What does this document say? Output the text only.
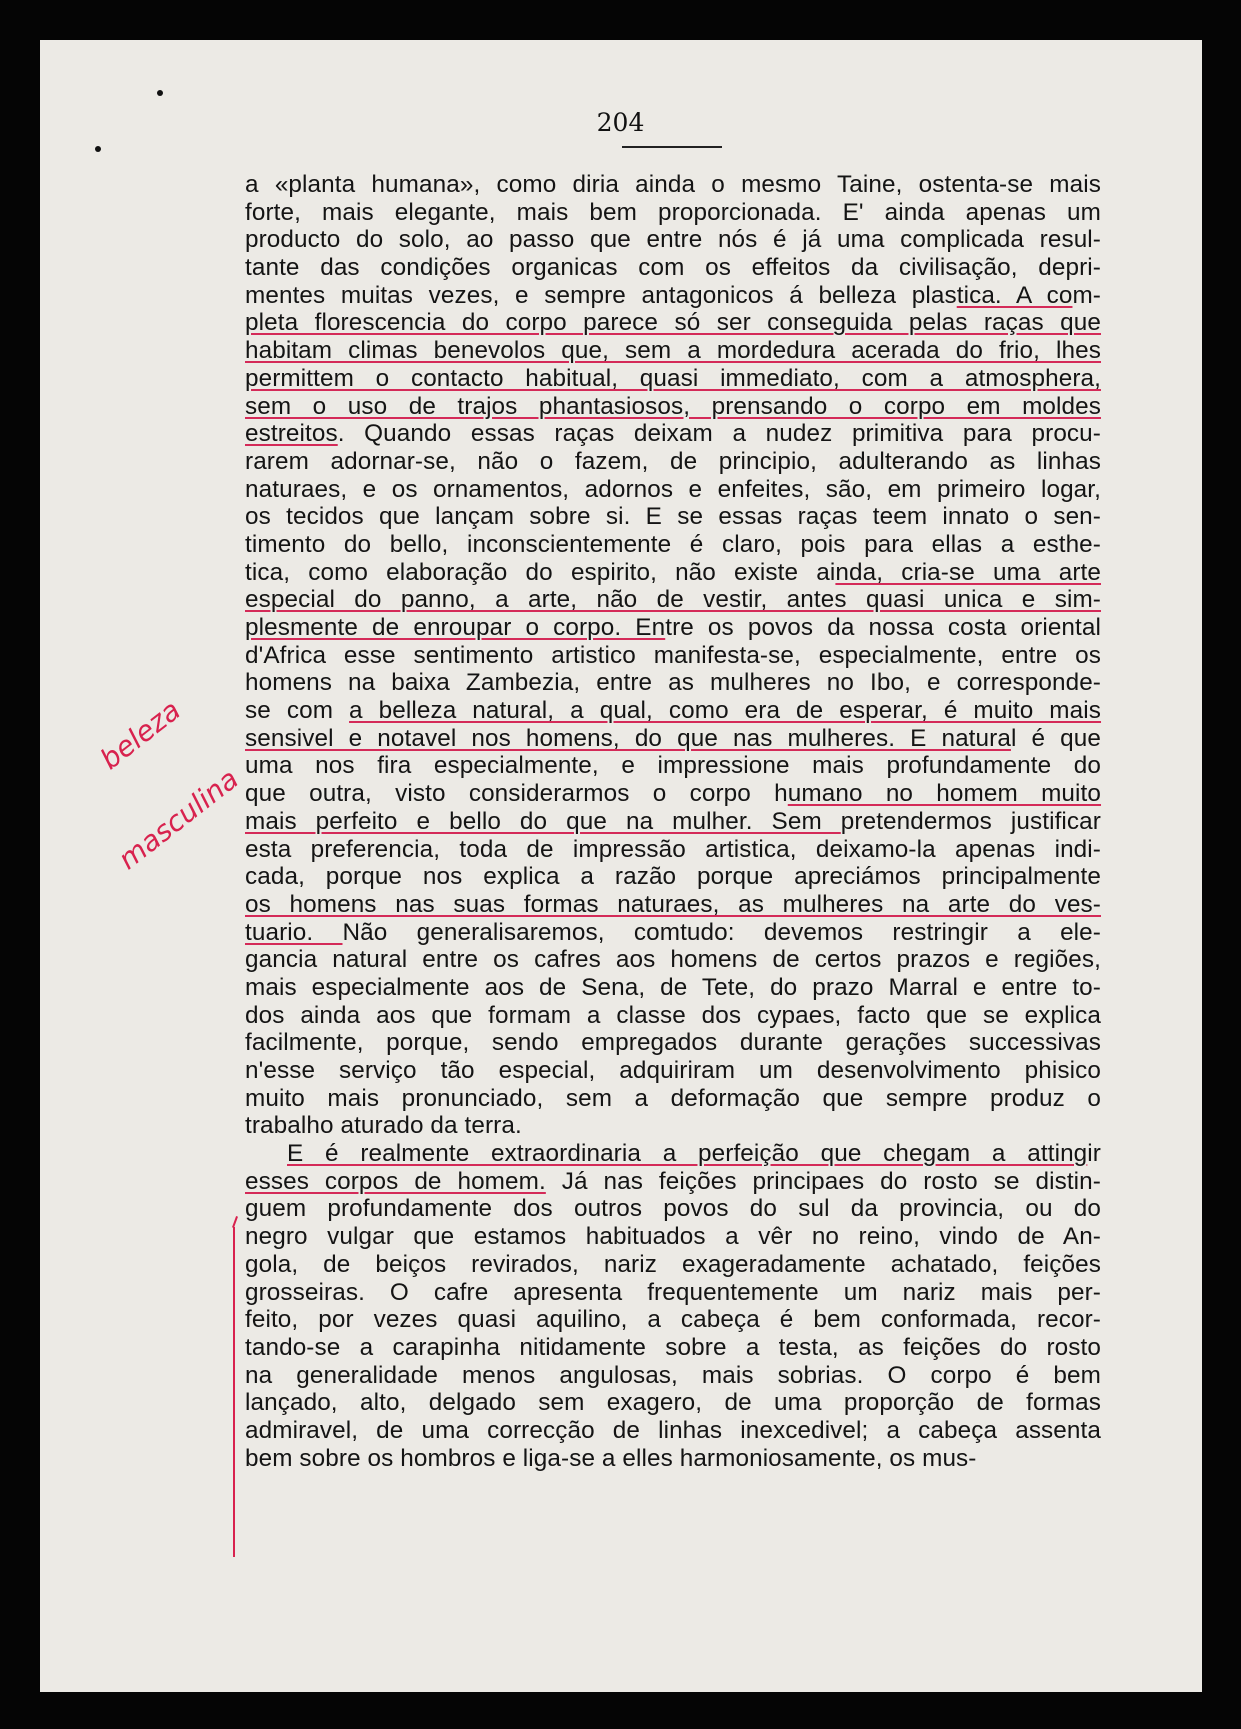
204
a «planta humana», como diria ainda o mesmo Taine, ostenta-se mais
forte, mais elegante, mais bem proporcionada. E' ainda apenas um
producto do solo, ao passo que entre nós é já uma complicada resul-
tante das condições organicas com os effeitos da civilisação, depri-
mentes muitas vezes, e sempre antagonicos á belleza plastica. A com-
pleta florescencia do corpo parece só ser conseguida pelas raças que
habitam climas benevolos que, sem a mordedura acerada do frio, lhes
permittem o contacto habitual, quasi immediato, com a atmosphera,
sem o uso de trajos phantasiosos, prensando o corpo em moldes
estreitos. Quando essas raças deixam a nudez primitiva para procu-
rarem adornar-se, não o fazem, de principio, adulterando as linhas
naturaes, e os ornamentos, adornos e enfeites, são, em primeiro logar,
os tecidos que lançam sobre si. E se essas raças teem innato o sen-
timento do bello, inconscientemente é claro, pois para ellas a esthe-
tica, como elaboração do espirito, não existe ainda, cria-se uma arte
especial do panno, a arte, não de vestir, antes quasi unica e sim-
plesmente de enroupar o corpo. Entre os povos da nossa costa oriental
d'Africa esse sentimento artistico manifesta-se, especialmente, entre os
homens na baixa Zambezia, entre as mulheres no Ibo, e corresponde-
se com a belleza natural, a qual, como era de esperar, é muito mais
sensivel e notavel nos homens, do que nas mulheres. E natural é que
uma nos fira especialmente, e impressione mais profundamente do
que outra, visto considerarmos o corpo humano no homem muito
mais perfeito e bello do que na mulher. Sem pretendermos justificar
esta preferencia, toda de impressão artistica, deixamo-la apenas indi-
cada, porque nos explica a razão porque apreciámos principalmente
os homens nas suas formas naturaes, as mulheres na arte do ves-
tuario. Não generalisaremos, comtudo: devemos restringir a ele-
gancia natural entre os cafres aos homens de certos prazos e regiões,
mais especialmente aos de Sena, de Tete, do prazo Marral e entre to-
dos ainda aos que formam a classe dos cypaes, facto que se explica
facilmente, porque, sendo empregados durante gerações successivas
n'esse serviço tão especial, adquiriram um desenvolvimento phisico
muito mais pronunciado, sem a deformação que sempre produz o
trabalho aturado da terra.
E é realmente extraordinaria a perfeição que chegam a attingir
esses corpos de homem. Já nas feições principaes do rosto se distin-
guem profundamente dos outros povos do sul da provincia, ou do
negro vulgar que estamos habituados a vêr no reino, vindo de An-
gola, de beiços revirados, nariz exageradamente achatado, feições
grosseiras. O cafre apresenta frequentemente um nariz mais per-
feito, por vezes quasi aquilino, a cabeça é bem conformada, recor-
tando-se a carapinha nitidamente sobre a testa, as feições do rosto
na generalidade menos angulosas, mais sobrias. O corpo é bem
lançado, alto, delgado sem exagero, de uma proporção de formas
admiravel, de uma correcção de linhas inexcedivel; a cabeça assenta
bem sobre os hombros e liga-se a elles harmoniosamente, os mus-
beleza
masculina
